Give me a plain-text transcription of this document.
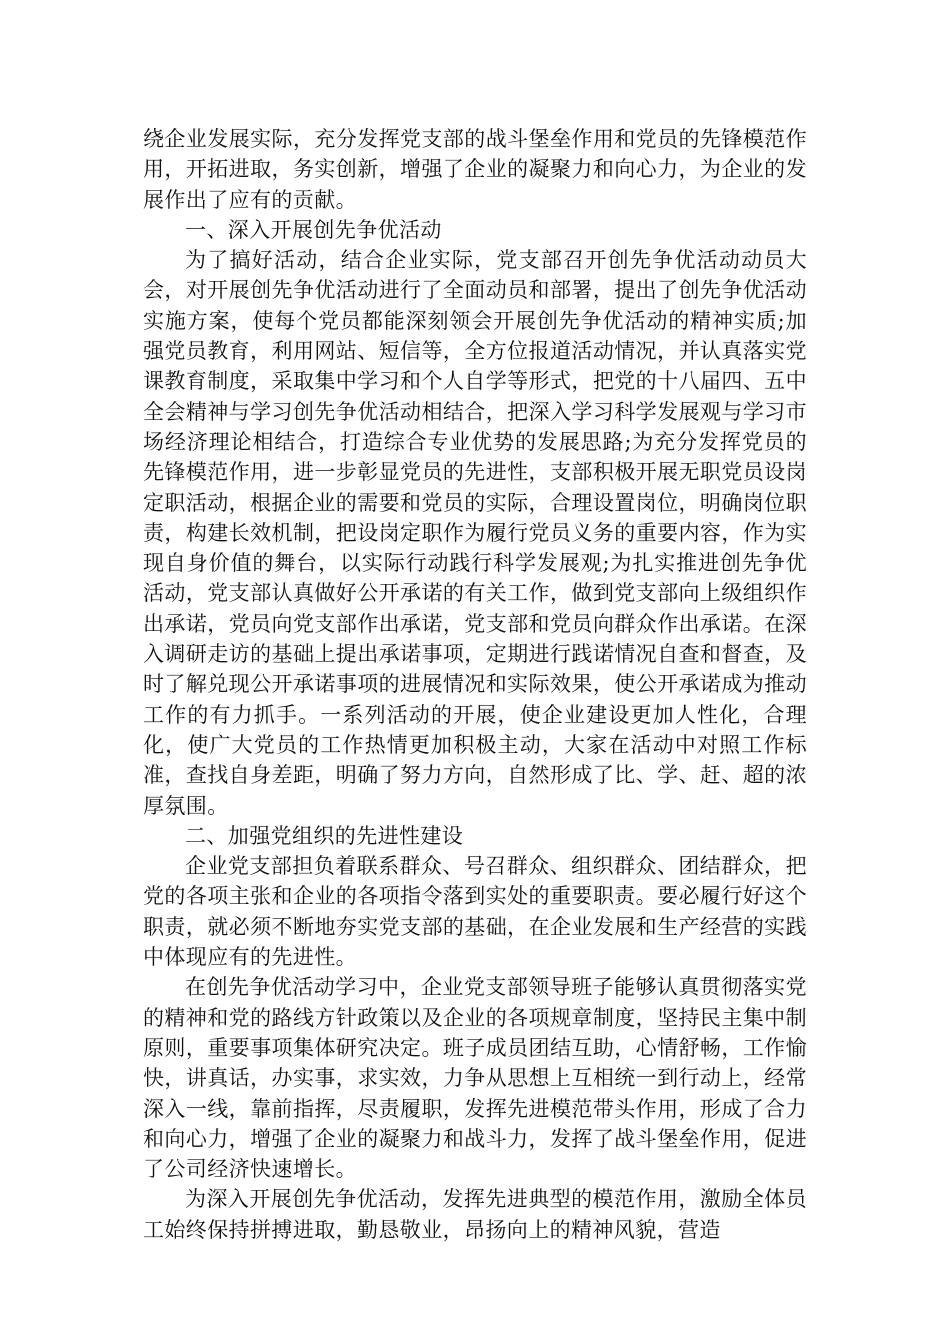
绕企业发展实际，充分发挥党支部的战斗堡垒作用和党员的先锋模范作用，开拓进取，务实创新，增强了企业的凝聚力和向心力，为企业的发展作出了应有的贡献。

一、深入开展创先争优活动

为了搞好活动，结合企业实际，党支部召开创先争优活动动员大会，对开展创先争优活动进行了全面动员和部署，提出了创先争优活动实施方案，使每个党员都能深刻领会开展创先争优活动的精神实质;加强党员教育，利用网站、短信等，全方位报道活动情况，并认真落实党课教育制度，采取集中学习和个人自学等形式，把党的十八届四、五中全会精神与学习创先争优活动相结合，把深入学习科学发展观与学习市场经济理论相结合，打造综合专业优势的发展思路;为充分发挥党员的先锋模范作用，进一步彰显党员的先进性，支部积极开展无职党员设岗定职活动，根据企业的需要和党员的实际，合理设置岗位，明确岗位职责，构建长效机制，把设岗定职作为履行党员义务的重要内容，作为实现自身价值的舞台，以实际行动践行科学发展观;为扎实推进创先争优活动，党支部认真做好公开承诺的有关工作，做到党支部向上级组织作出承诺，党员向党支部作出承诺，党支部和党员向群众作出承诺。在深入调研走访的基础上提出承诺事项，定期进行践诺情况自查和督查，及时了解兑现公开承诺事项的进展情况和实际效果，使公开承诺成为推动工作的有力抓手。一系列活动的开展，使企业建设更加人性化，合理化，使广大党员的工作热情更加积极主动，大家在活动中对照工作标准，查找自身差距，明确了努力方向，自然形成了比、学、赶、超的浓厚氛围。

二、加强党组织的先进性建设

企业党支部担负着联系群众、号召群众、组织群众、团结群众，把党的各项主张和企业的各项指令落到实处的重要职责。要必履行好这个职责，就必须不断地夯实党支部的基础，在企业发展和生产经营的实践中体现应有的先进性。

在创先争优活动学习中，企业党支部领导班子能够认真贯彻落实党的精神和党的路线方针政策以及企业的各项规章制度，坚持民主集中制原则，重要事项集体研究决定。班子成员团结互助，心情舒畅，工作愉快，讲真话，办实事，求实效，力争从思想上互相统一到行动上，经常深入一线，靠前指挥，尽责履职，发挥先进模范带头作用，形成了合力和向心力，增强了企业的凝聚力和战斗力，发挥了战斗堡垒作用，促进了公司经济快速增长。

为深入开展创先争优活动，发挥先进典型的模范作用，激励全体员工始终保持拼搏进取，勤恳敬业，昂扬向上的精神风貌，营造
